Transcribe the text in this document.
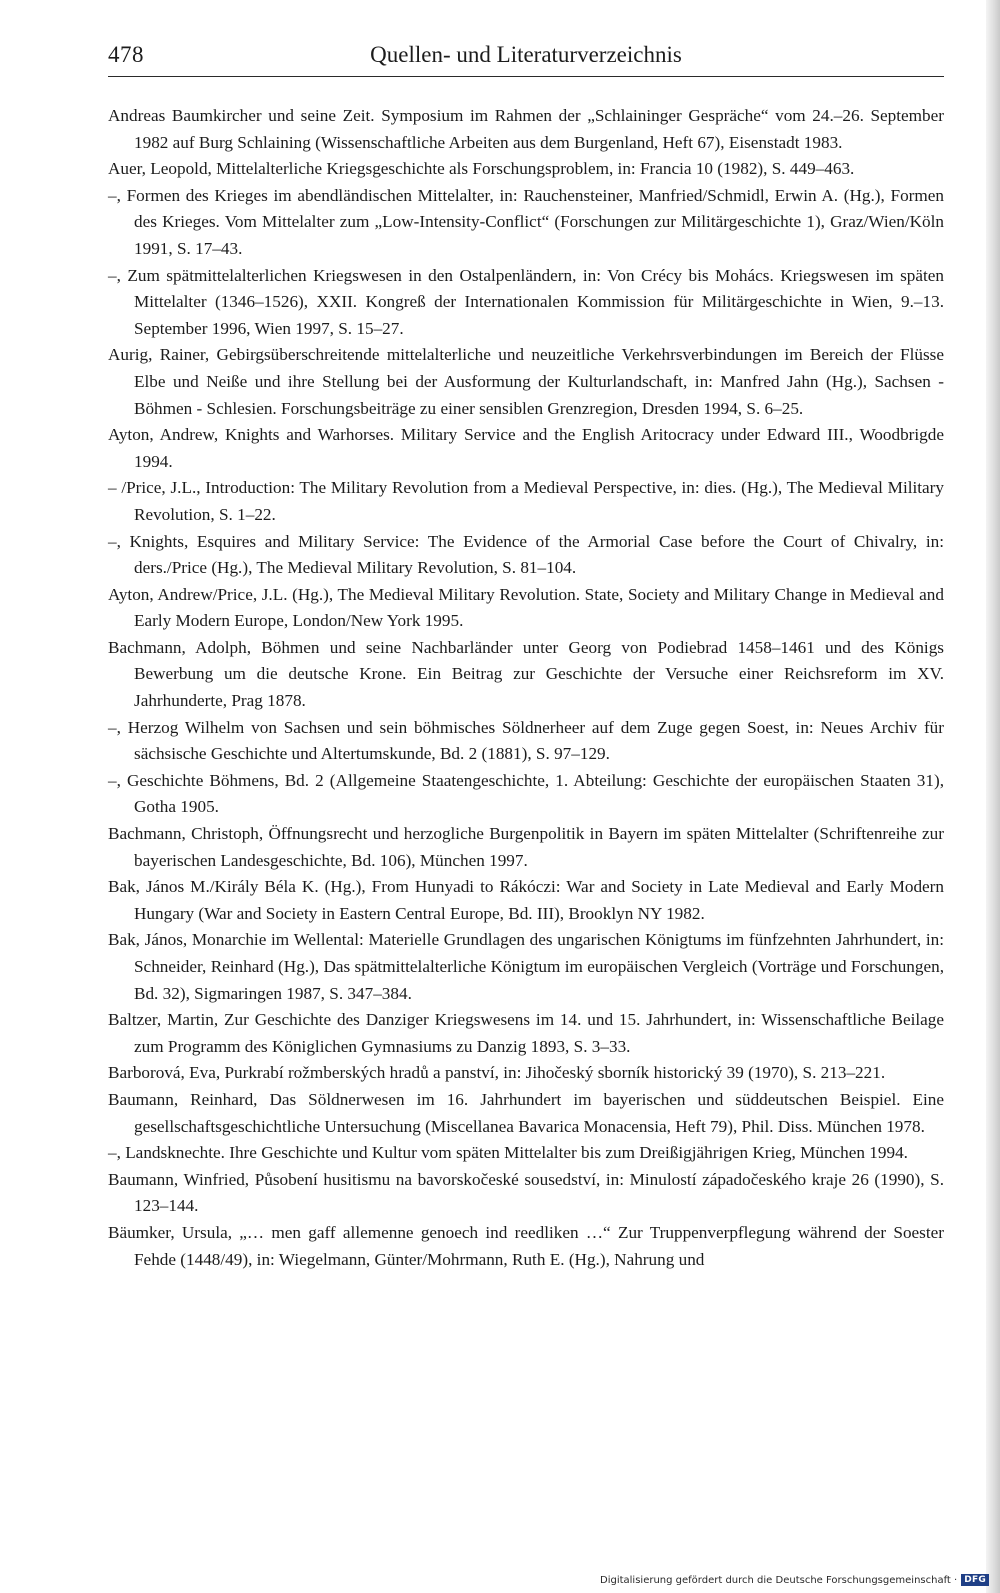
478	Quellen- und Literaturverzeichnis

Andreas Baumkircher und seine Zeit. Symposium im Rahmen der „Schlaininger Gespräche“ vom 24.–26. September 1982 auf Burg Schlaining (Wissenschaftliche Arbeiten aus dem Burgenland, Heft 67), Eisenstadt 1983.

Auer, Leopold, Mittelalterliche Kriegsgeschichte als Forschungsproblem, in: Francia 10 (1982), S. 449–463.

–, Formen des Krieges im abendländischen Mittelalter, in: Rauchensteiner, Manfried/Schmidl, Erwin A. (Hg.), Formen des Krieges. Vom Mittelalter zum „Low-Intensity-Conflict“ (Forschungen zur Militärgeschichte 1), Graz/Wien/Köln 1991, S. 17–43.

–, Zum spätmittelalterlichen Kriegswesen in den Ostalpenländern, in: Von Crécy bis Mohács. Kriegswesen im späten Mittelalter (1346–1526), XXII. Kongreß der Internationalen Kommission für Militärgeschichte in Wien, 9.–13. September 1996, Wien 1997, S. 15–27.

Aurig, Rainer, Gebirgsüberschreitende mittelalterliche und neuzeitliche Verkehrsverbindungen im Bereich der Flüsse Elbe und Neiße und ihre Stellung bei der Ausformung der Kulturlandschaft, in: Manfred Jahn (Hg.), Sachsen - Böhmen - Schlesien. Forschungsbeiträge zu einer sensiblen Grenzregion, Dresden 1994, S. 6–25.

Ayton, Andrew, Knights and Warhorses. Military Service and the English Aritocracy under Edward III., Woodbrigde 1994.

– /Price, J.L., Introduction: The Military Revolution from a Medieval Perspective, in: dies. (Hg.), The Medieval Military Revolution, S. 1–22.

–, Knights, Esquires and Military Service: The Evidence of the Armorial Case before the Court of Chivalry, in: ders./Price (Hg.), The Medieval Military Revolution, S. 81–104.

Ayton, Andrew/Price, J.L. (Hg.), The Medieval Military Revolution. State, Society and Military Change in Medieval and Early Modern Europe, London/New York 1995.

Bachmann, Adolph, Böhmen und seine Nachbarländer unter Georg von Podiebrad 1458–1461 und des Königs Bewerbung um die deutsche Krone. Ein Beitrag zur Geschichte der Versuche einer Reichsreform im XV. Jahrhunderte, Prag 1878.

–, Herzog Wilhelm von Sachsen und sein böhmisches Söldnerheer auf dem Zuge gegen Soest, in: Neues Archiv für sächsische Geschichte und Altertumskunde, Bd. 2 (1881), S. 97–129.

–, Geschichte Böhmens, Bd. 2 (Allgemeine Staatengeschichte, 1. Abteilung: Geschichte der europäischen Staaten 31), Gotha 1905.

Bachmann, Christoph, Öffnungsrecht und herzogliche Burgenpolitik in Bayern im späten Mittelalter (Schriftenreihe zur bayerischen Landesgeschichte, Bd. 106), München 1997.

Bak, János M./Király Béla K. (Hg.), From Hunyadi to Rákóczi: War and Society in Late Medieval and Early Modern Hungary (War and Society in Eastern Central Europe, Bd. III), Brooklyn NY 1982.

Bak, János, Monarchie im Wellental: Materielle Grundlagen des ungarischen Königtums im fünfzehnten Jahrhundert, in: Schneider, Reinhard (Hg.), Das spätmittelalterliche Königtum im europäischen Vergleich (Vorträge und Forschungen, Bd. 32), Sigmaringen 1987, S. 347–384.

Baltzer, Martin, Zur Geschichte des Danziger Kriegswesens im 14. und 15. Jahrhundert, in: Wissenschaftliche Beilage zum Programm des Königlichen Gymnasiums zu Danzig 1893, S. 3–33.

Barborová, Eva, Purkrabí rožmberských hradů a panství, in: Jihočeský sborník historický 39 (1970), S. 213–221.

Baumann, Reinhard, Das Söldnerwesen im 16. Jahrhundert im bayerischen und süddeutschen Beispiel. Eine gesellschaftsgeschichtliche Untersuchung (Miscellanea Bavarica Monacensia, Heft 79), Phil. Diss. München 1978.

–, Landsknechte. Ihre Geschichte und Kultur vom späten Mittelalter bis zum Dreißigjährigen Krieg, München 1994.

Baumann, Winfried, Působení husitismu na bavorskočeské sousedství, in: Minulostí západočeského kraje 26 (1990), S. 123–144.

Bäumker, Ursula, „… men gaff allemenne genoech ind reedliken …“ Zur Truppenverpflegung während der Soester Fehde (1448/49), in: Wiegelmann, Günter/Mohrmann, Ruth E. (Hg.), Nahrung und

Digitalisierung gefördert durch die Deutsche Forschungsgemeinschaft · DFG
